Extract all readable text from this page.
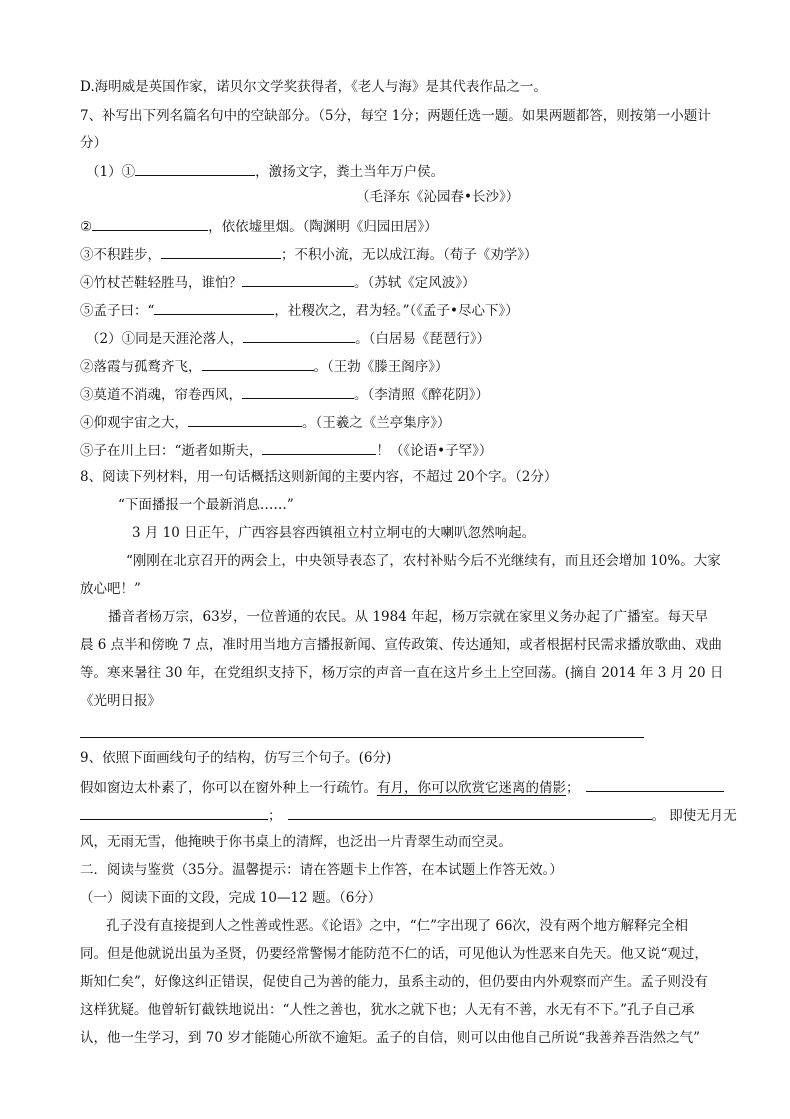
D.海明威是英国作家，诺贝尔文学奖获得者，《老人与海》是其代表作品之一。
7、补写出下列名篇名句中的空缺部分。（5分，每空 1分；两题任选一题。如果两题都答，则按第一小题计
分）
（1）①	，激扬文字，粪土当年万户侯。
（毛泽东《沁园春•长沙》）
②	，依依墟里烟。（陶渊明《归园田居》）
③不积跬步，	；不积小流，无以成江海。（荀子《劝学》）
④竹杖芒鞋轻胜马，谁怕？	。（苏轼《定风波》）
⑤孟子曰：“	，社稷次之，君为轻。”（《孟子•尽心下》）
（2）①同是天涯沦落人，	。（白居易《琵琶行》）
②落霞与孤鹜齐飞，	。（王勃《滕王阁序》）
③莫道不消魂，帘卷西风，	。（李清照《醉花阴》）
④仰观宇宙之大，	。（王羲之《兰亭集序》）
⑤子在川上曰：“逝者如斯夫，	！（《论语•子罕》）
8、阅读下列材料，用一句话概括这则新闻的主要内容，不超过 20个字。（2分）
“下面播报一个最新消息……”
3 月 10 日正午，广西容县容西镇祖立村立垌屯的大喇叭忽然响起。
“刚刚在北京召开的两会上，中央领导表态了，农村补贴今后不光继续有，而且还会增加 10%。大家
放心吧！”
播音者杨万宗，63岁，一位普通的农民。从 1984 年起，杨万宗就在家里义务办起了广播室。每天早
晨 6 点半和傍晚 7 点，准时用当地方言播报新闻、宣传政策、传达通知，或者根据村民需求播放歌曲、戏曲
等。寒来暑往 30 年，在党组织支持下，杨万宗的声音一直在这片乡土上空回荡。(摘自 2014 年 3 月 20 日
《光明日报》
9、依照下面画线句子的结构，仿写三个句子。(6分)
假如窗边太朴素了，你可以在窗外种上一行疏竹。有月，你可以欣赏它迷离的倩影；
；	。 即使无月无
风，无雨无雪，他掩映于你书桌上的清辉，也泛出一片青翠生动而空灵。
二．阅读与鉴赏（35分。温馨提示：请在答题卡上作答，在本试题上作答无效。）
（一）阅读下面的文段，完成 10—12 题。（6分）
孔子没有直接提到人之性善或性恶。《论语》之中，“仁”字出现了 66次，没有两个地方解释完全相
同。但是他就说出虽为圣贤，仍要经常警惕才能防范不仁的话，可见他认为性恶来自先天。他又说“观过，
斯知仁矣”，好像这纠正错误，促使自己为善的能力，虽系主动的，但仍要由内外观察而产生。孟子则没有
这样犹疑。他曾斩钉截铁地说出：“人性之善也，犹水之就下也；人无有不善，水无有不下。”孔子自己承
认，他一生学习，到 70 岁才能随心所欲不逾矩。孟子的自信，则可以由他自己所说“我善养吾浩然之气”
